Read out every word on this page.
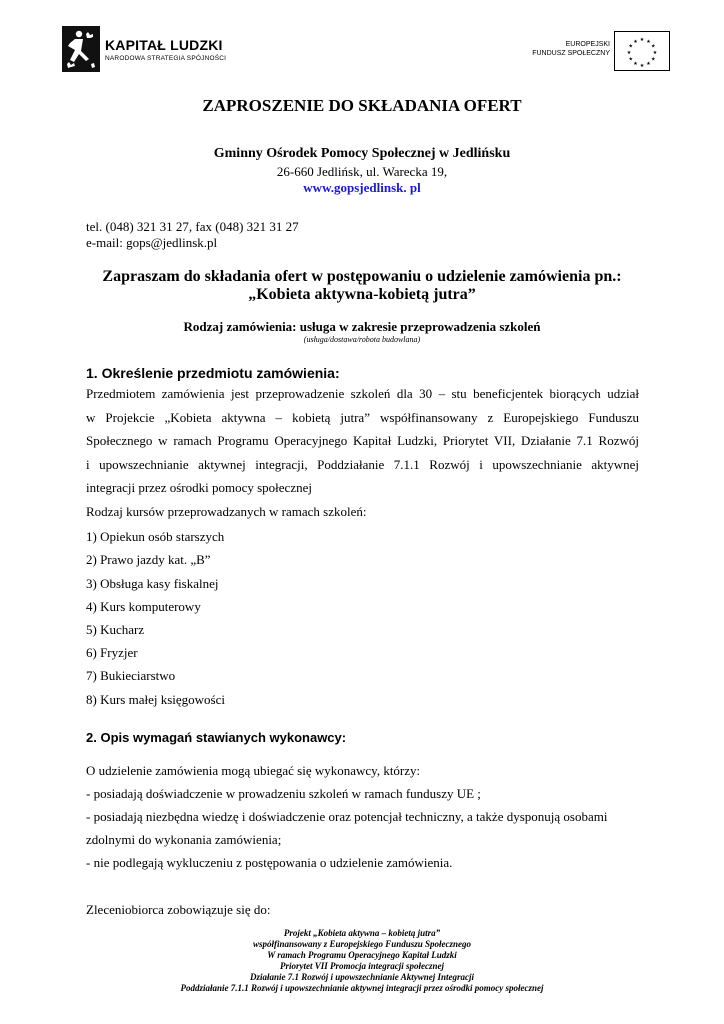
KAPITAŁ LUDZKI
NARODOWA STRATEGIA SPÓJNOŚCI
EUROPEJSKI
FUNDUSZ SPOŁECZNY
★ ★
★
★
★
★
★
★
★
★
★
★
ZAPROSZENIE DO SKŁADANIA OFERT
Gminny Ośrodek Pomocy Społecznej w Jedlińsku
26-660 Jedlińsk, ul. Warecka 19,
www.gopsjedlinsk. pl
tel. (048) 321 31 27, fax (048) 321 31 27
e-mail: gops@jedlinsk.pl
Zapraszam do składania ofert w postępowaniu o udzielenie zamówienia pn.:
„Kobieta aktywna-kobietą jutra”
Rodzaj zamówienia: usługa w zakresie przeprowadzenia szkoleń
(usługa/dostawa/robota budowlana)
1. Określenie przedmiotu zamówienia:
Przedmiotem zamówienia jest przeprowadzenie szkoleń dla 30 – stu beneficjentek biorących udział
w Projekcie „Kobieta aktywna – kobietą jutra” współfinansowany z Europejskiego Funduszu
Społecznego w ramach Programu Operacyjnego Kapitał Ludzki, Priorytet VII, Działanie 7.1 Rozwój
i upowszechnianie aktywnej integracji, Poddziałanie 7.1.1 Rozwój i upowszechnianie aktywnej
integracji przez ośrodki pomocy społecznej
Rodzaj kursów przeprowadzanych w ramach szkoleń:
1) Opiekun osób starszych
2) Prawo jazdy kat. „B”
3) Obsługa kasy fiskalnej
4) Kurs komputerowy
5) Kucharz
6) Fryzjer
7) Bukieciarstwo
8) Kurs małej księgowości
2. Opis wymagań stawianych wykonawcy:
O udzielenie zamówienia mogą ubiegać się wykonawcy, którzy:
- posiadają doświadczenie w prowadzeniu szkoleń w ramach funduszy UE ;
- posiadają niezbędna wiedzę i doświadczenie oraz potencjał techniczny, a także dysponują osobami
zdolnymi do wykonania zamówienia;
- nie podlegają wykluczeniu z postępowania o udzielenie zamówienia.
Zleceniobiorca zobowiązuje się do:
Projekt „Kobieta aktywna – kobietą jutra”
współfinansowany z Europejskiego Funduszu Społecznego
W ramach Programu Operacyjnego Kapitał Ludzki
Priorytet VII Promocja integracji społecznej
Działanie 7.1 Rozwój i upowszechnianie Aktywnej Integracji
Poddziałanie 7.1.1 Rozwój i upowszechnianie aktywnej integracji przez ośrodki pomocy społecznej
